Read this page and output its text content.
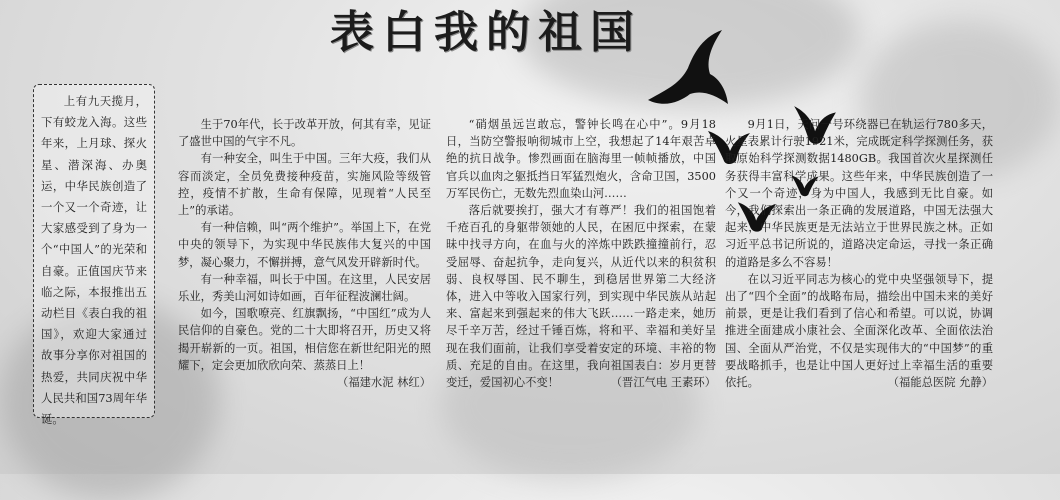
表白我的祖国
上有九天揽月，下有蛟龙入海。这些年来，上月球、探火星、潜深海、办奥运，中华民族创造了一个又一个奇迹，让大家感受到了身为一个“中国人”的光荣和自豪。正值国庆节来临之际，本报推出五动栏目《表白我的祖国》，欢迎大家通过故事分享你对祖国的热爱，共同庆祝中华人民共和国73周年华诞。

生于70年代，长于改革开放，何其有幸，见证了盛世中国的气宇不凡。

有一种安全，叫生于中国。三年大疫，我们从容而淡定，全员免费接种疫苗，实施风险等级管控，疫情不扩散，生命有保障，见现着“人民至上”的承诺。

有一种信赖，叫“两个维护”。举国上下，在党中央的领导下，为实现中华民族伟大复兴的中国梦，凝心聚力，不懈拼搏，意气风发开辟新时代。

有一种幸福，叫长于中国。在这里，人民安居乐业，秀美山河如诗如画，百年征程波澜壮阔。

如今，国歌嘹亮、红旗飘扬，“中国红”成为人民信仰的自豪色。党的二十大即将召开，历史又将揭开崭新的一页。祖国，相信您在新世纪阳光的照耀下，定会更加欣欣向荣、蒸蒸日上！
（福建水泥 林红）

“硝烟虽远岂敢忘，警钟长鸣在心中”。9月18日，当防空警报响彻城市上空，我想起了14年艰苦卓绝的抗日战争。惨烈画面在脑海里一帧帧播放，中国官兵以血肉之躯抵挡日军猛烈炮火，含命卫国，3500万军民伤亡，无数先烈血染山河……

落后就要挨打，强大才有尊严！我们的祖国饱着千疮百孔的身躯带领她的人民，在困厄中探索，在蒙昧中找寻方向，在血与火的淬炼中跌跌撞撞前行，忍受屈辱、奋起抗争，走向复兴，从近代以来的积贫积弱、良权辱国、民不聊生，到稳居世界第二大经济体，进入中等收入国家行列，到实现中华民族从站起来、富起来到强起来的伟大飞跃……一路走来，她历尽千辛万苦，经过千锤百炼，将和平、幸福和美好呈现在我们面前，让我们享受着安定的环境、丰裕的物质、充足的自由。在这里，我向祖国表白：岁月更替变迁，爱国初心不变！	（晋江气电 王素环）

9月1日，天问一号环绕器已在轨运行780多天，火星表累计行驶1921米，完成既定科学探测任务，获取原始科学探测数据1480GB。我国首次火星探测任务获得丰富科学成果。这些年来，中华民族创造了一个又一个奇迹，身为中国人，我感到无比自豪。如今，我们探索出一条正确的发展道路，中国无法强大起来，中华民族更是无法站立于世界民族之林。正如习近平总书记所说的，道路决定命运，寻找一条正确的道路是多么不容易！

在以习近平同志为核心的党中央坚强领导下，提出了“四个全面”的战略布局，描绘出中国未来的美好前景，更是让我们看到了信心和希望。可以说，协调推进全面建成小康社会、全面深化改革、全面依法治国、全面从严治党，不仅是实现伟大的“中国梦”的重要战略抓手，也是让中国人更好过上幸福生活的重要依托。	（福能总医院 允静）
